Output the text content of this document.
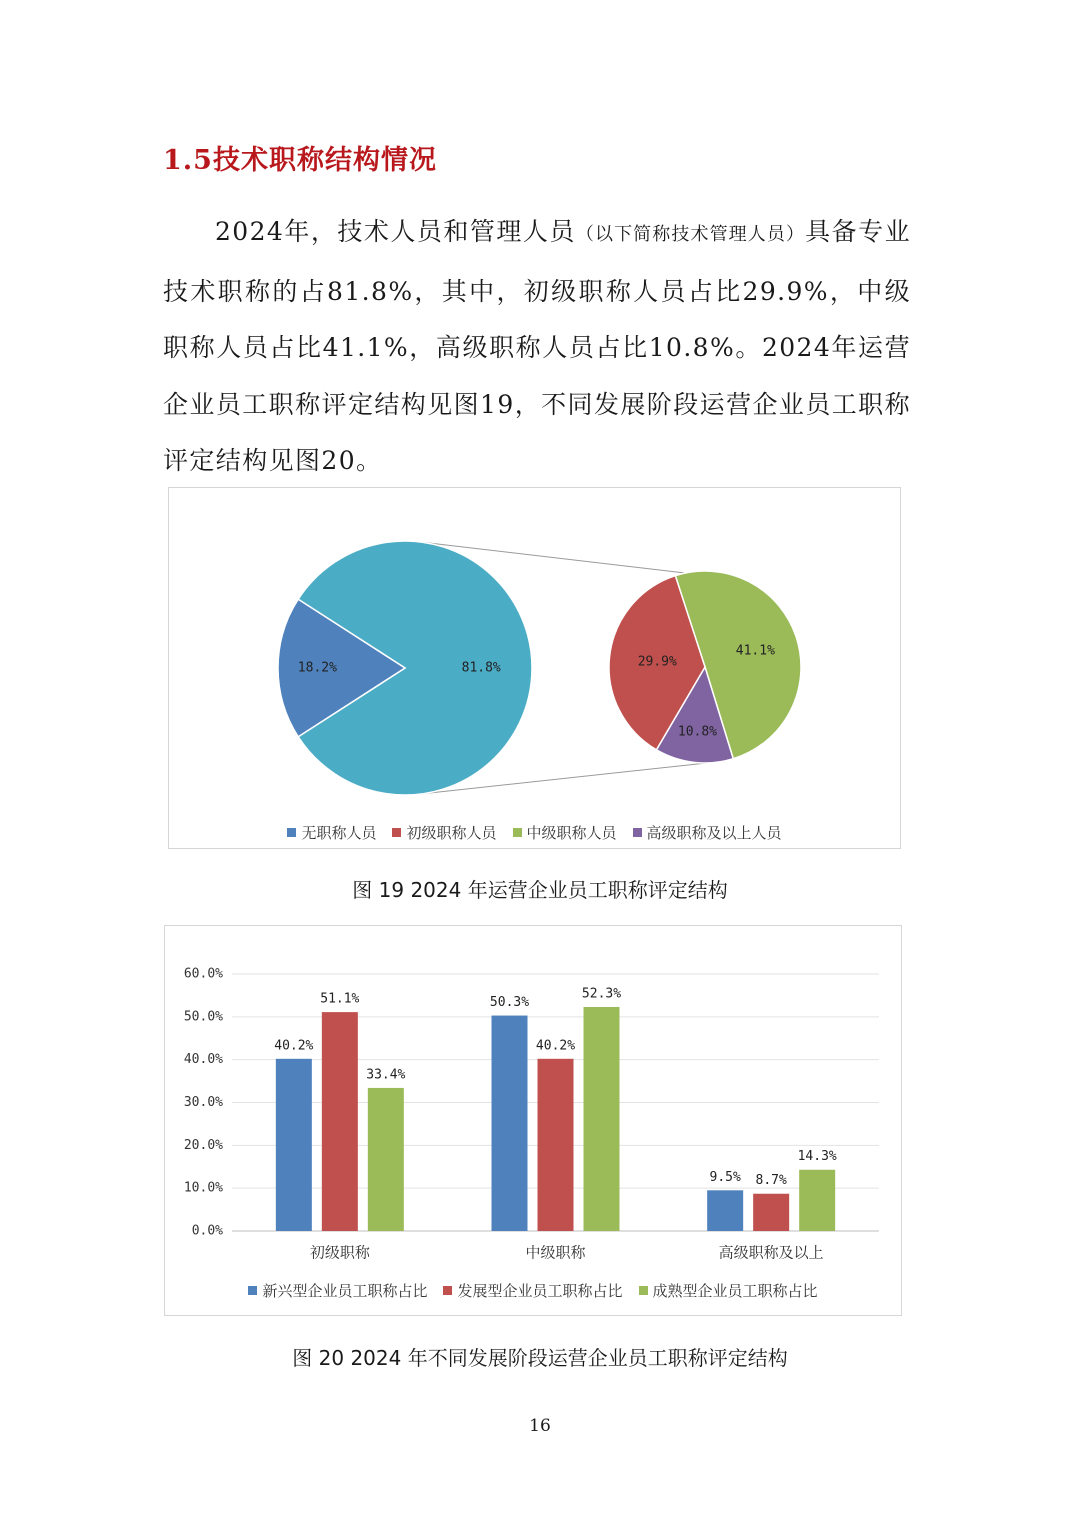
1.5技术职称结构情况

2024年，技术人员和管理人员（以下简称技术管理人员）具备专业技术职称的占81.8%，其中，初级职称人员占比29.9%，中级职称人员占比41.1%，高级职称人员占比10.8%。2024年运营企业员工职称评定结构见图19，不同发展阶段运营企业员工职称评定结构见图20。

18.2%	81.8%
41.1%
10.8%
29.9%
无职称人员 初级职称人员 中级职称人员 高级职称及以上人员
图 19 2024 年运营企业员工职称评定结构
0.0%
10.0%
20.0%
30.0%
40.0%
50.0%
60.0%
40.2%
51.1%
33.4%
初级职称
50.3%
40.2%
52.3%
中级职称
9.5% 8.7%
14.3%
高级职称及以上
新兴型企业员工职称占比 发展型企业员工职称占比 成熟型企业员工职称占比
图 20 2024 年不同发展阶段运营企业员工职称评定结构
16
